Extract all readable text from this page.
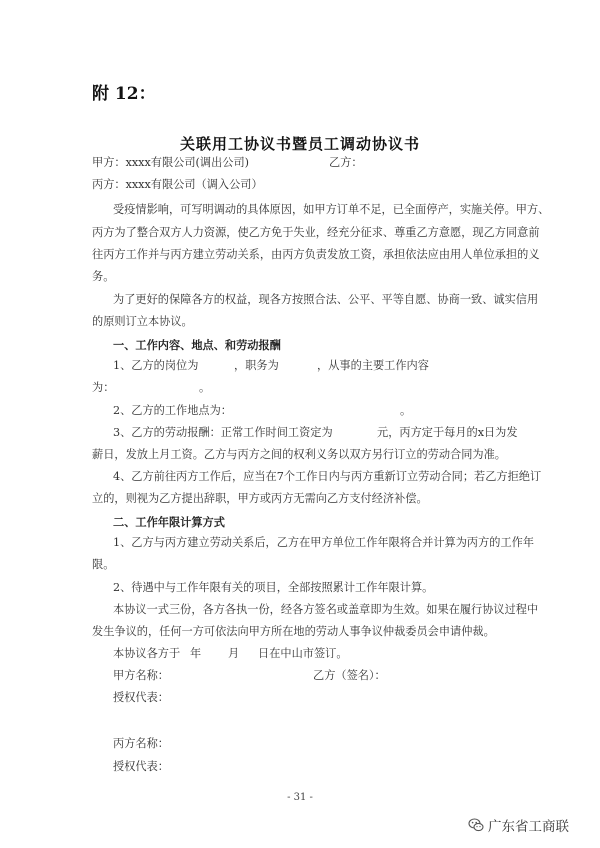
附 12：
关联用工协议书暨员工调动协议书
甲方：xxxx有限公司(调出公司)	乙方：
丙方：xxxx有限公司（调入公司）
受疫情影响，可写明调动的具体原因，如甲方订单不足，已全面停产，实施关停。甲方、
丙方为了整合双方人力资源，使乙方免于失业，经充分征求、尊重乙方意愿，现乙方同意前
往丙方工作并与丙方建立劳动关系，由丙方负责发放工资，承担依法应由用人单位承担的义
务。
为了更好的保障各方的权益，现各方按照合法、公平、平等自愿、协商一致、诚实信用
的原则订立本协议。
一、工作内容、地点、和劳动报酬
1、乙方的岗位为	，职务为	，从事的主要工作内容
为：	。
2、乙方的工作地点为：	。
3、乙方的劳动报酬：正常工作时间工资定为	元，丙方定于每月的x日为发
薪日，发放上月工资。乙方与丙方之间的权利义务以双方另行订立的劳动合同为准。
4、乙方前往丙方工作后，应当在7个工作日内与丙方重新订立劳动合同；若乙方拒绝订
立的，则视为乙方提出辞职，甲方或丙方无需向乙方支付经济补偿。
二、工作年限计算方式
1、乙方与丙方建立劳动关系后，乙方在甲方单位工作年限将合并计算为丙方的工作年
限。
2、待遇中与工作年限有关的项目，全部按照累计工作年限计算。
本协议一式三份，各方各执一份，经各方签名或盖章即为生效。如果在履行协议过程中
发生争议的，任何一方可依法向甲方所在地的劳动人事争议仲裁委员会申请仲裁。
本协议各方于 年 月 日在中山市签订。
甲方名称：	乙方（签名）：
授权代表：
丙方名称：
授权代表：
- 31 -
广东省工商联
